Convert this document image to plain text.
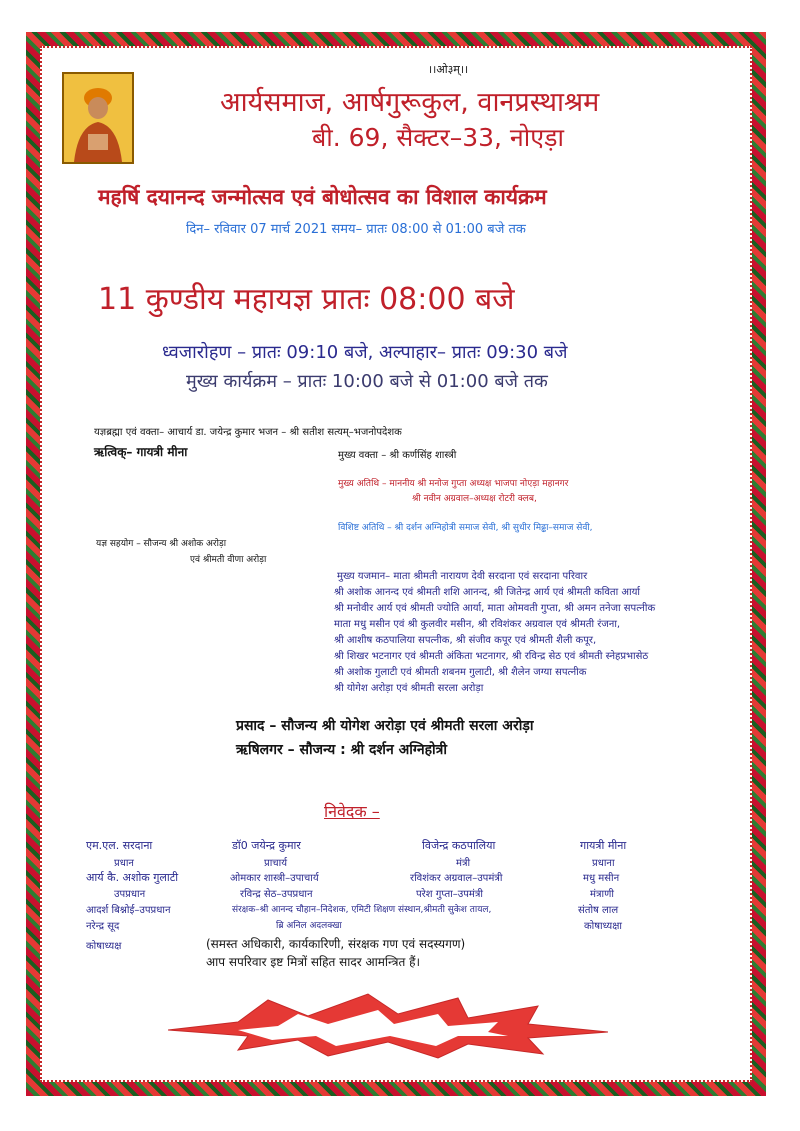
।।ओ३म्।।
आर्यसमाज, आर्षगुरूकुल, वानप्रस्थाश्रम
बी. 69, सैक्टर–33, नोएड़ा
महर्षि दयानन्द जन्मोत्सव एवं बोधोत्सव का विशाल कार्यक्रम
दिन– रविवार 07 मार्च 2021 समय– प्रातः 08:00 से 01:00 बजे तक
11 कुण्डीय महायज्ञ प्रातः 08:00 बजे
ध्वजारोहण – प्रातः 09:10 बजे, अल्पाहार– प्रातः 09:30 बजे
मुख्य कार्यक्रम – प्रातः 10:00 बजे से 01:00 बजे तक
यज्ञब्रह्मा एवं वक्ता– आचार्य डा. जयेन्द्र कुमार भजन – श्री सतीश सत्यम्–भजनोपदेशक
ऋत्विक्– गायत्री मीना	मुख्य वक्ता – श्री कर्णसिंह शास्त्री
मुख्य अतिथि – माननीय श्री मनोज गुप्ता अध्यक्ष भाजपा नोएड़ा महानगर
श्री नवीन अग्रवाल–अध्यक्ष रोटरी क्लब,
विशिष्ट अतिथि – श्री दर्शन अग्निहोत्री समाज सेवी, श्री सुधीर मिढ्ढा–समाज सेवी,
यज्ञ सहयोग – सौजन्य श्री अशोक अरोड़ा
एवं श्रीमती वीणा अरोड़ा
मुख्य यजमान– माता श्रीमती नारायण देवी सरदाना एवं सरदाना परिवार
श्री अशोक आनन्द एवं श्रीमती शशि आनन्द, श्री जितेन्द्र आर्य एवं श्रीमती कविता आर्या
श्री मनोवीर आर्य एवं श्रीमती ज्योति आर्या, माता ओमवती गुप्ता, श्री अमन तनेजा सपत्नीक
माता मधु मसीन एवं श्री कुलवीर मसीन, श्री रविशंकर अग्रवाल एवं श्रीमती रंजना,
श्री आशीष कठपालिया सपत्नीक, श्री संजीव कपूर एवं श्रीमती शैली कपूर,
श्री शिखर भटनागर एवं श्रीमती अंकिता भटनागर, श्री रविन्द्र सेठ एवं श्रीमती स्नेहप्रभासेठ
श्री अशोक गुलाटी एवं श्रीमती शबनम गुलाटी, श्री शैलेन जग्या सपत्नीक
श्री योगेश अरोड़ा एवं श्रीमती सरला अरोड़ा
प्रसाद – सौजन्य श्री योगेश अरोड़ा एवं श्रीमती सरला अरोड़ा
ऋषिलगर – सौजन्य : श्री दर्शन अग्निहोत्री
निवेदक –
एम.एल. सरदाना
प्रधान
आर्य कै. अशोक गुलाटी
उपप्रधान
आदर्श बिश्नोई–उपप्रधान
नरेन्द्र सूद
कोषाध्यक्ष
डॉ0 जयेन्द्र कुमार
प्राचार्य
ओमकार शास्त्री–उपाचार्य
रविन्द्र सेठ–उपप्रधान
विजेन्द्र कठपालिया
मंत्री
रविशंकर अग्रवाल–उपमंत्री
परेश गुप्ता–उपमंत्री
गायत्री मीना
प्रधाना
मधु मसीन
मंत्राणी
संतोष लाल
कोषाध्यक्षा
संरक्षक–श्री आनन्द चौहान–निदेशक, एमिटी शिक्षण संस्थान,श्रीमती सुकेश तायल,
ब्रि अनिल अदलक्खा
(समस्त अधिकारी, कार्यकारिणी, संरक्षक गण एवं सदस्यगण)
आप सपरिवार इष्ट मित्रों सहित सादर आमन्त्रित हैं।
